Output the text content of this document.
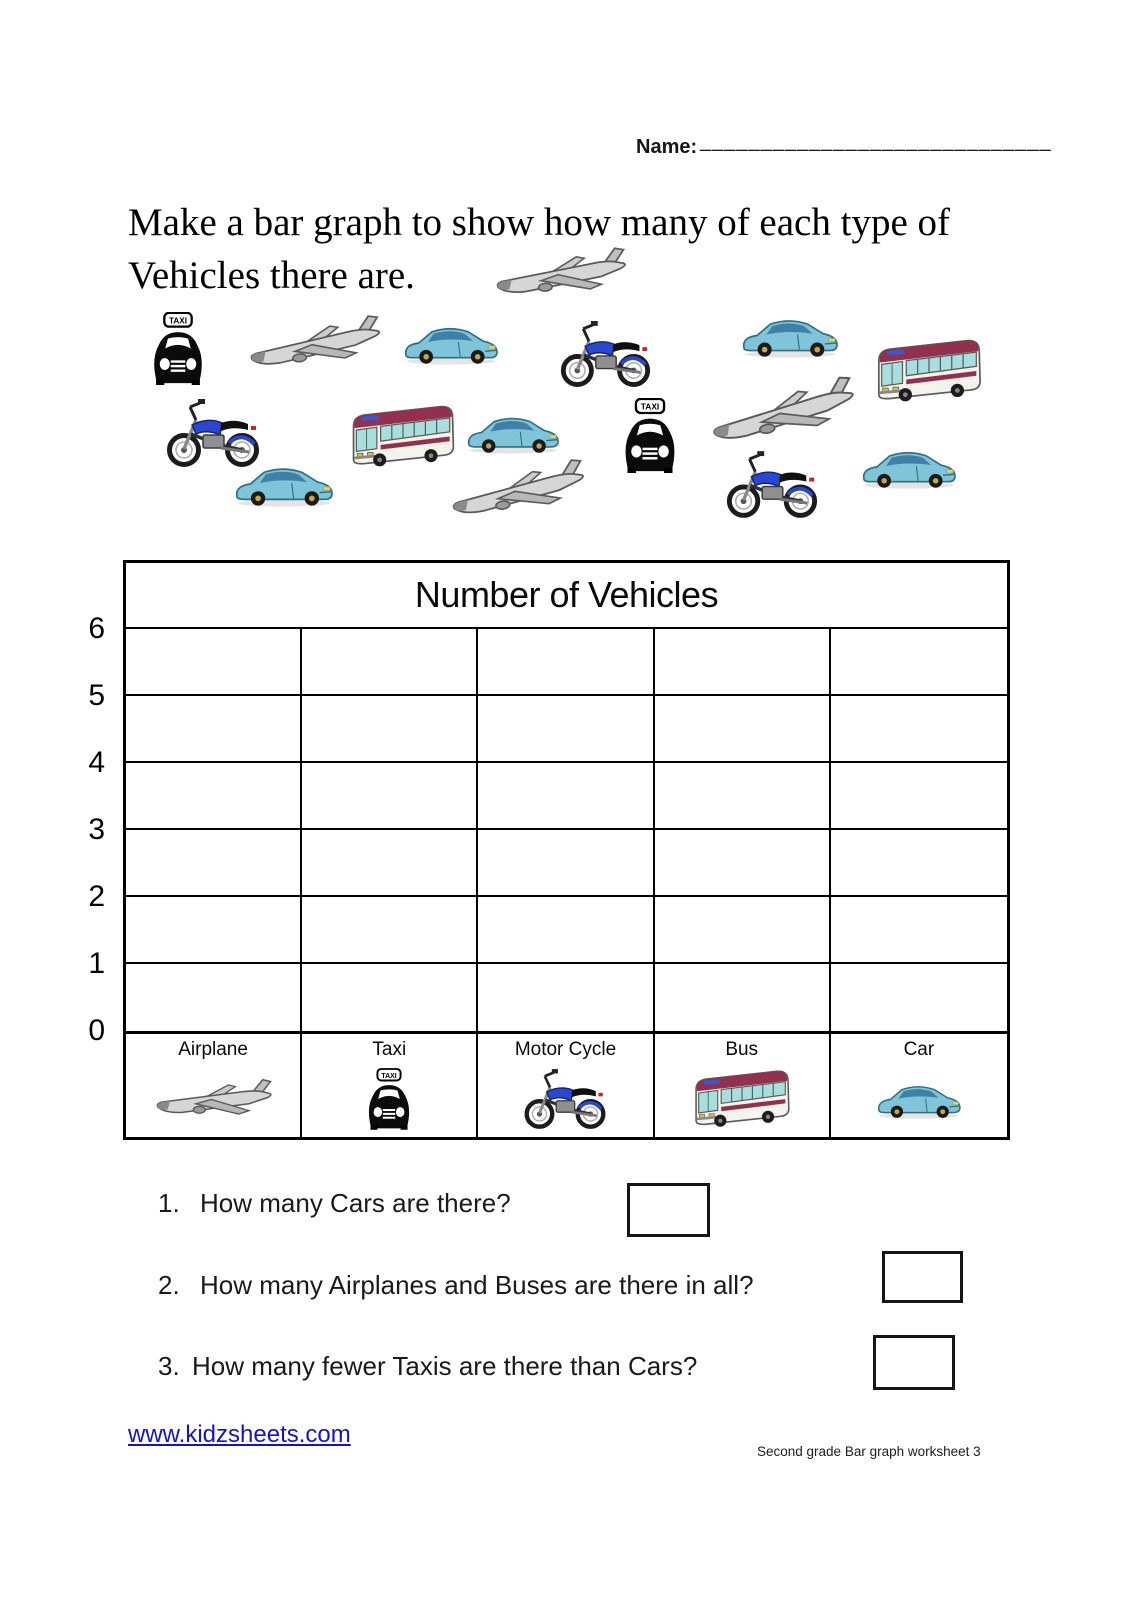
Name: _____________________________
Make a bar graph to show how many of each type of
Vehicles there are.
6
5
4
3
2
1
0
Number of Vehicles
Airplane	Taxi	Motor Cycle	Bus	Car
1. How many Cars are there?
2. How many Airplanes and Buses are there in all?
3. How many fewer Taxis are there than Cars?
www.kidzsheets.com
Second grade Bar graph worksheet 3
